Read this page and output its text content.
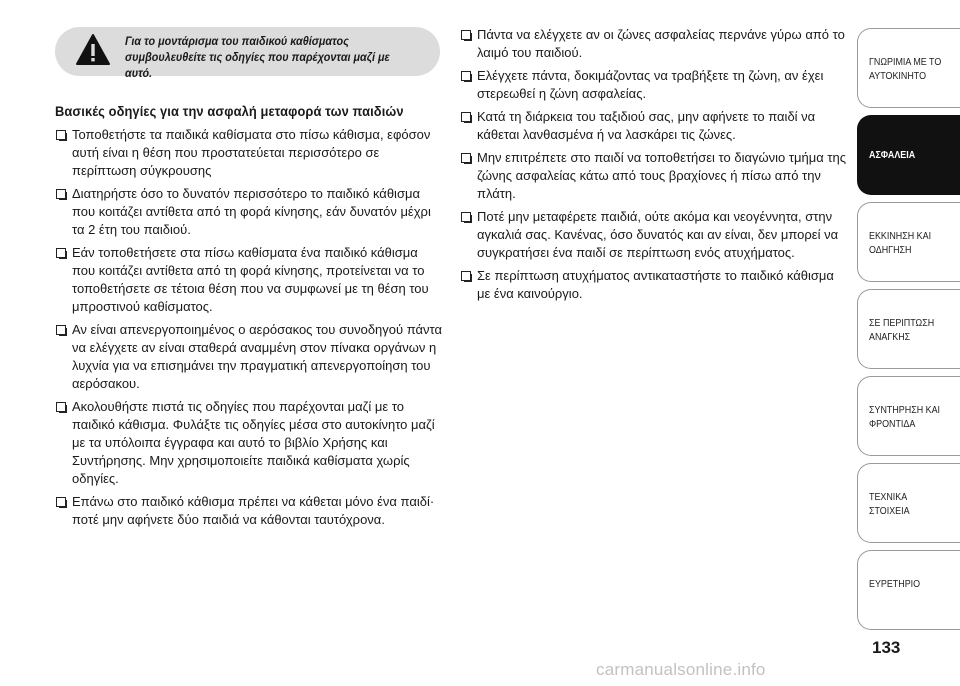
Για το μοντάρισμα του παιδικού καθίσματος συμβουλευθείτε τις οδηγίες που παρέχονται μαζί με αυτό.
Βασικές οδηγίες για την ασφαλή μεταφορά των παιδιών
Τοποθετήστε τα παιδικά καθίσματα στο πίσω κάθισμα, εφόσον αυτή είναι η θέση που προστατεύεται περισσότερο σε περίπτωση σύγκρουσης
Διατηρήστε όσο το δυνατόν περισσότερο το παιδικό κάθισμα που κοιτάζει αντίθετα από τη φορά κίνησης, εάν δυνατόν μέχρι τα 2 έτη του παιδιού.
Εάν τοποθετήσετε στα πίσω καθίσματα ένα παιδικό κάθισμα που κοιτάζει αντίθετα από τη φορά κίνησης, προτείνεται να το τοποθετήσετε σε τέτοια θέση που να συμφωνεί με τη θέση του μπροστινού καθίσματος.
Αν είναι απενεργοποιημένος ο αερόσακος του συνοδηγού πάντα να ελέγχετε αν είναι σταθερά αναμμένη στον πίνακα οργάνων η λυχνία για να επισημάνει την πραγματική απενεργοποίηση του αερόσακου.
Ακολουθήστε πιστά τις οδηγίες που παρέχονται μαζί με το παιδικό κάθισμα. Φυλάξτε τις οδηγίες μέσα στο αυτοκίνητο μαζί με τα υπόλοιπα έγγραφα και αυτό το βιβλίο Χρήσης και Συντήρησης. Μην χρησιμοποιείτε παιδικά καθίσματα χωρίς οδηγίες.
Επάνω στο παιδικό κάθισμα πρέπει να κάθεται μόνο ένα παιδί· ποτέ μην αφήνετε δύο παιδιά να κάθονται ταυτόχρονα.
Πάντα να ελέγχετε αν οι ζώνες ασφαλείας περνάνε γύρω από το λαιμό του παιδιού.
Ελέγχετε πάντα, δοκιμάζοντας να τραβήξετε τη ζώνη, αν έχει στερεωθεί η ζώνη ασφαλείας.
Κατά τη διάρκεια του ταξιδιού σας, μην αφήνετε το παιδί να κάθεται λανθασμένα ή να λασκάρει τις ζώνες.
Μην επιτρέπετε στο παιδί να τοποθετήσει το διαγώνιο τμήμα της ζώνης ασφαλείας κάτω από τους βραχίονες ή πίσω από την πλάτη.
Ποτέ μην μεταφέρετε παιδιά, ούτε ακόμα και νεογέννητα, στην αγκαλιά σας. Κανένας, όσο δυνατός και αν είναι, δεν μπορεί να συγκρατήσει ένα παιδί σε περίπτωση ενός ατυχήματος.
Σε περίπτωση ατυχήματος αντικαταστήστε το παιδικό κάθισμα με ένα καινούργιο.
ΓΝΩΡΙΜΙΑ ΜΕ ΤΟ ΑΥΤΟΚΙΝΗΤΟ
ΑΣΦΑΛΕΙΑ
ΕΚΚΙΝΗΣΗ ΚΑΙ ΟΔΗΓΗΣΗ
ΣΕ ΠΕΡΙΠΤΩΣΗ ΑΝΑΓΚΗΣ
ΣΥΝΤΗΡΗΣΗ ΚΑΙ ΦΡΟΝΤΙΔΑ
ΤΕΧΝΙΚΑ ΣΤΟΙΧΕΙΑ
ΕΥΡΕΤΗΡΙΟ
133
carmanualsonline.info
